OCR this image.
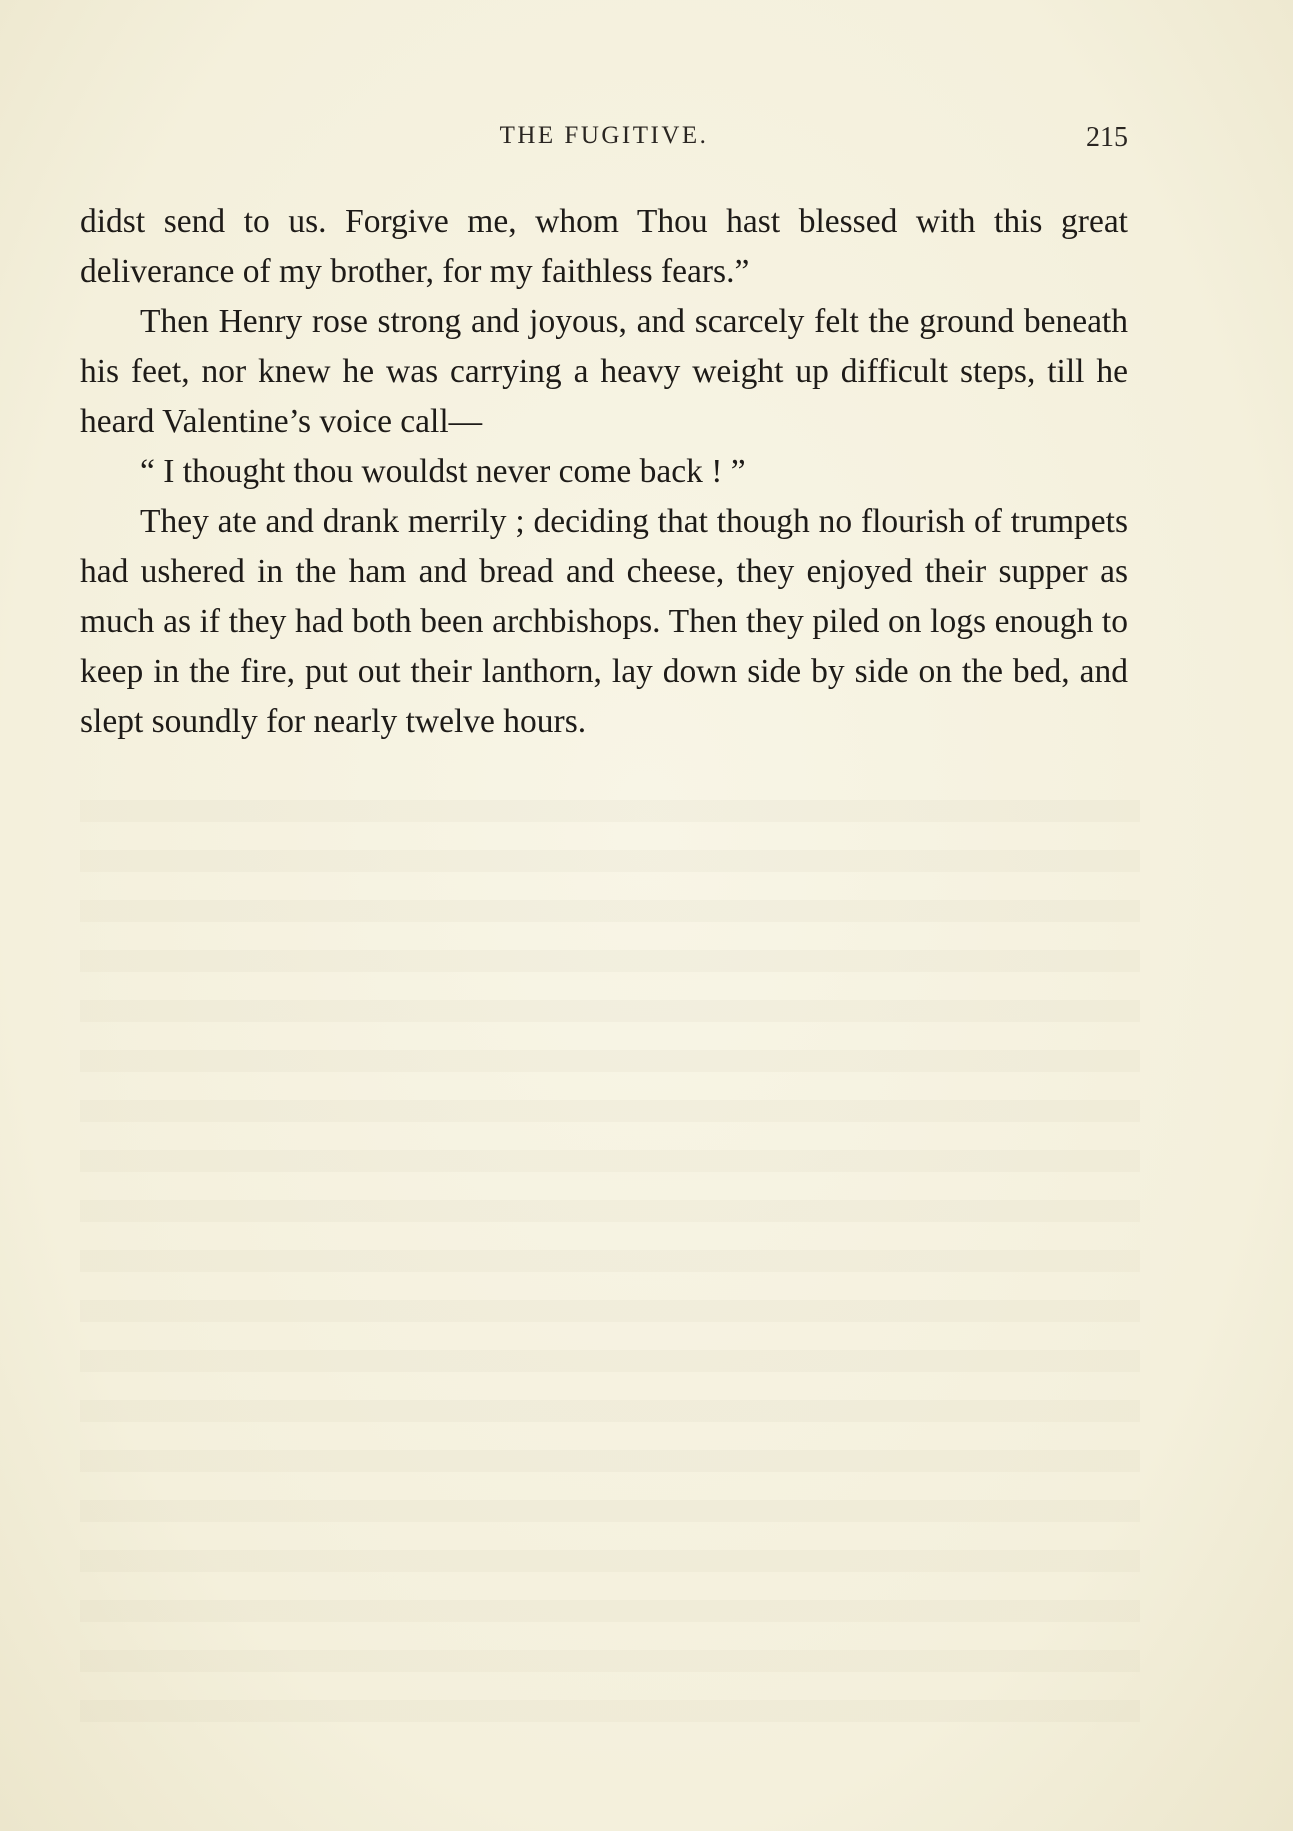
THE FUGITIVE.	215

didst send to us. Forgive me, whom Thou hast blessed with this great deliverance of my brother, for my faithless fears.”

Then Henry rose strong and joyous, and scarcely felt the ground beneath his feet, nor knew he was carrying a heavy weight up difficult steps, till he heard Valentine’s voice call—

“ I thought thou wouldst never come back ! ”

They ate and drank merrily ; deciding that though no flourish of trumpets had ushered in the ham and bread and cheese, they enjoyed their supper as much as if they had both been archbishops. Then they piled on logs enough to keep in the fire, put out their lanthorn, lay down side by side on the bed, and slept soundly for nearly twelve hours.
